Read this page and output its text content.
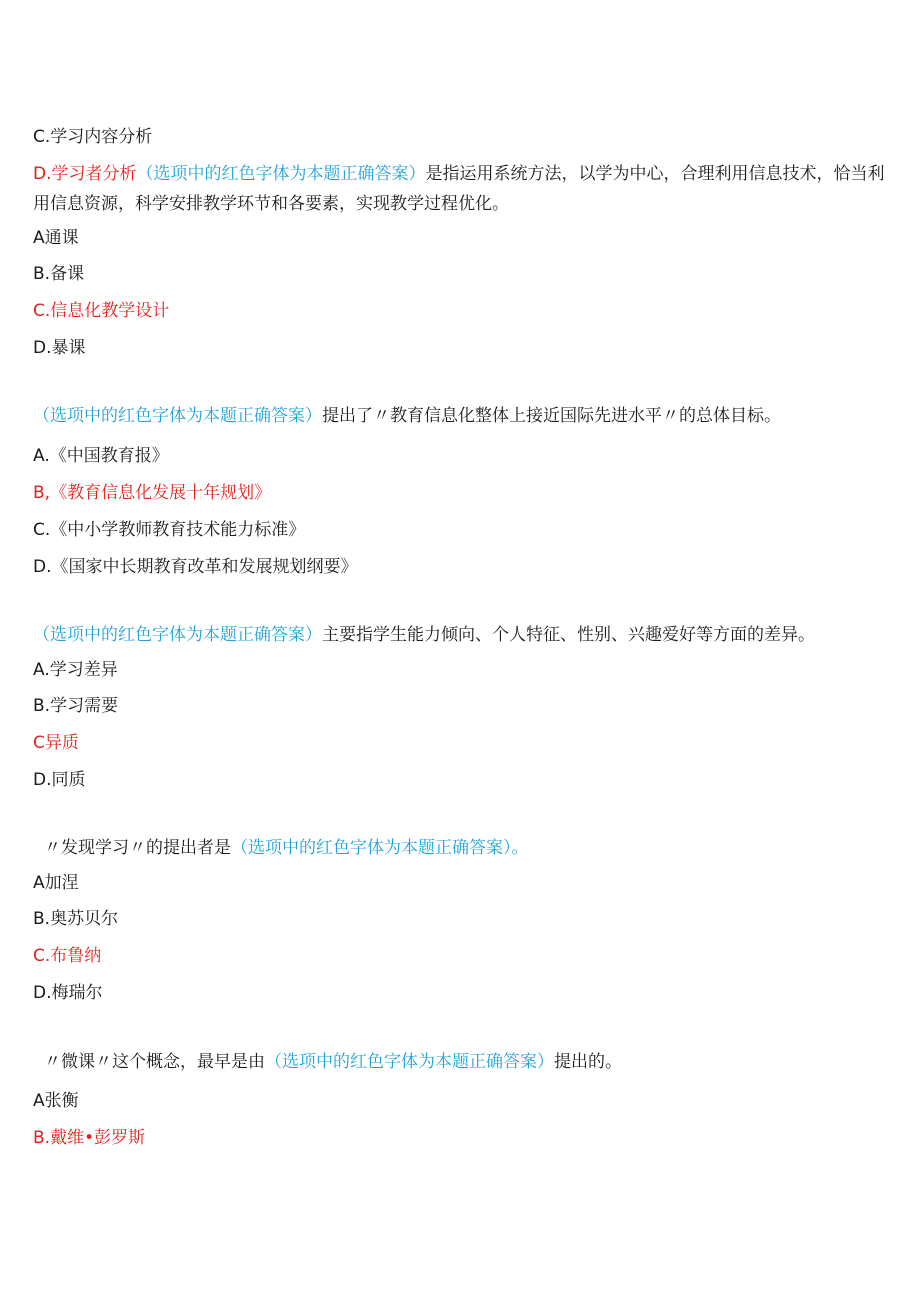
C.学习内容分析

D.学习者分析（选项中的红色字体为本题正确答案）是指运用系统方法，以学为中心，合理利用信息技术，恰当利

用信息资源，科学安排教学环节和各要素，实现教学过程优化。

A通课

B.备课

C.信息化教学设计

D.暴课

（选项中的红色字体为本题正确答案）提出了〃教育信息化整体上接近国际先进水平〃的总体目标。

A.《中国教育报》

B,《教育信息化发展十年规划》

C.《中小学教师教育技术能力标准》

D.《国家中长期教育改革和发展规划纲要》

（选项中的红色字体为本题正确答案）主要指学生能力倾向、个人特征、性别、兴趣爱好等方面的差异。

A.学习差异

B.学习需要

C异质

D.同质

〃发现学习〃的提出者是（选项中的红色字体为本题正确答案）。

A加涅

B.奥苏贝尔

C.布鲁纳

D.梅瑞尔

〃微课〃这个概念，最早是由（选项中的红色字体为本题正确答案）提出的。

A张衡

B.戴维•彭罗斯
